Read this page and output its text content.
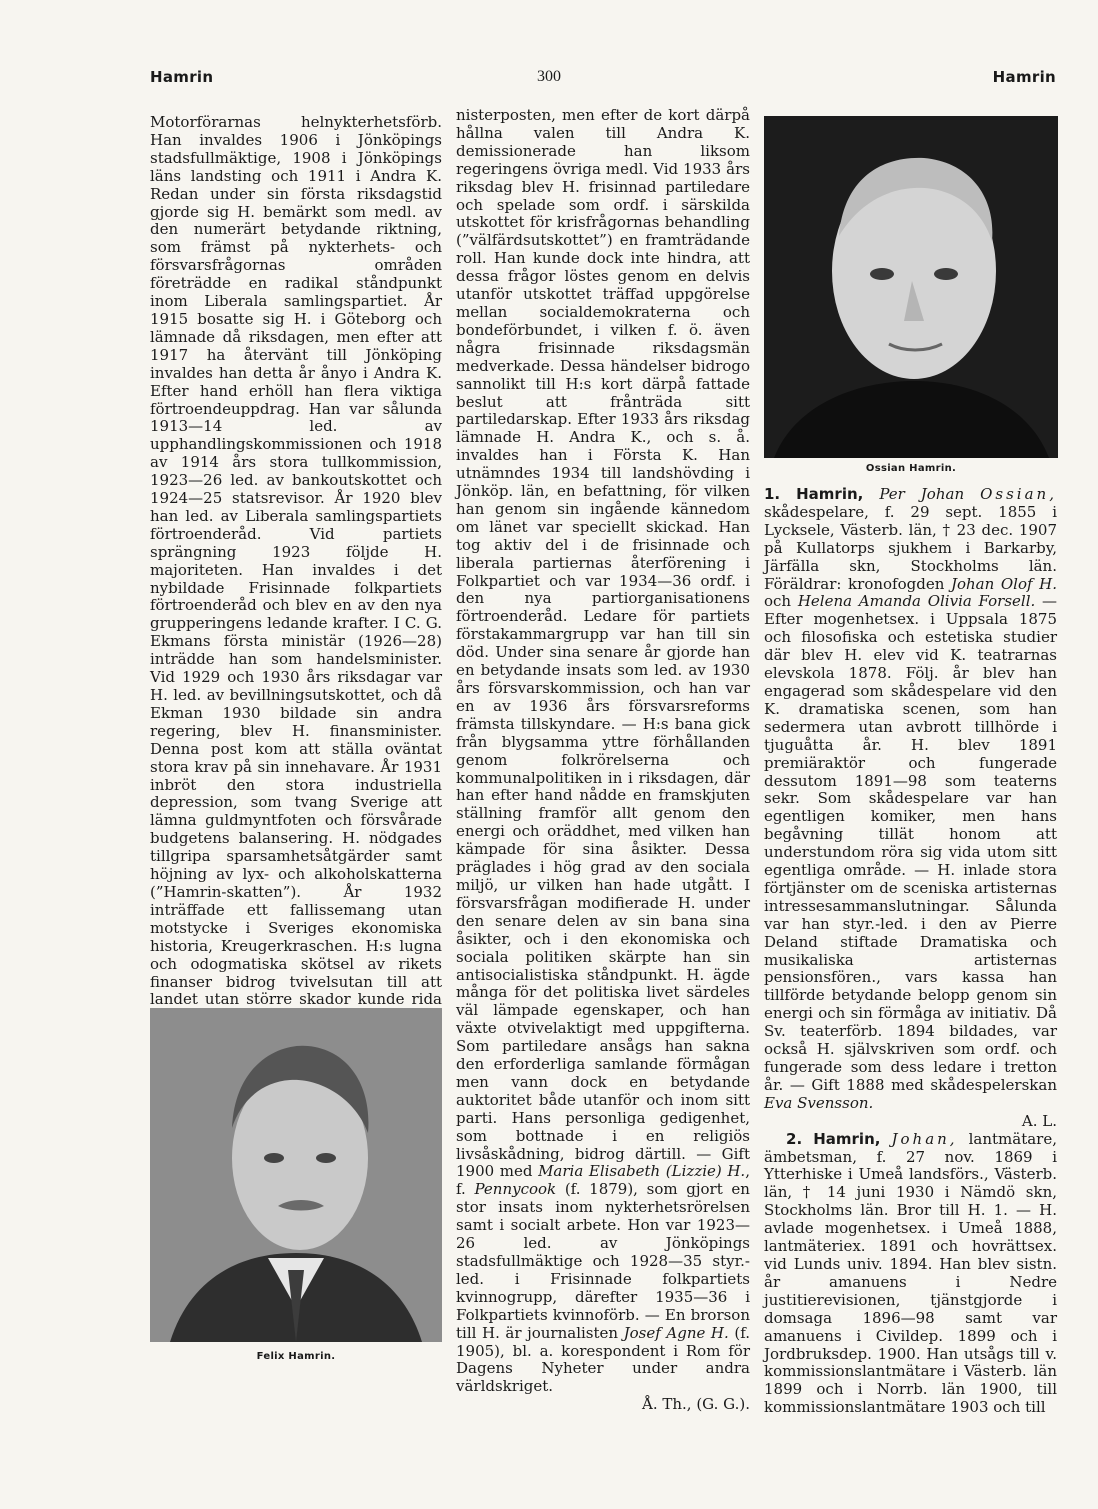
Hamrin	300	Hamrin

Motorförarnas helnykterhetsförb. Han invaldes 1906 i Jönköpings stadsfullmäktige, 1908 i Jönköpings läns landsting och 1911 i Andra K. Redan under sin första riksdagstid gjorde sig H. bemärkt som medl. av den numerärt betydande riktning, som främst på nykterhets- och försvarsfrågornas områden företrädde en radikal ståndpunkt inom Liberala samlingspartiet. År 1915 bosatte sig H. i Göteborg och lämnade då riksdagen, men efter att 1917 ha återvänt till Jönköping invaldes han detta år ånyo i Andra K. Efter hand erhöll han flera viktiga förtroendeuppdrag. Han var sålunda 1913—14 led. av upphandlingskommissionen och 1918 av 1914 års stora tullkommission, 1923—26 led. av bankoutskottet och 1924—25 statsrevisor. År 1920 blev han led. av Liberala samlingspartiets förtroenderåd. Vid partiets sprängning 1923 följde H. majoriteten. Han invaldes i det nybildade Frisinnade folkpartiets förtroenderåd och blev en av den nya grupperingens ledande krafter. I C. G. Ekmans första ministär (1926—28) inträdde han som handelsminister. Vid 1929 och 1930 års riksdagar var H. led. av bevillningsutskottet, och då Ekman 1930 bildade sin andra regering, blev H. finansminister. Denna post kom att ställa oväntat stora krav på sin innehavare. År 1931 inbröt den stora industriella depression, som tvang Sverige att lämna guldmyntfoten och försvårade budgetens balansering. H. nödgades tillgripa sparsamhetsåtgärder samt höjning av lyx- och alkoholskatterna (”Hamrin-skatten”). År 1932 inträffade ett fallissemang utan motstycke i Sveriges ekonomiska historia, Kreugerkraschen. H:s lugna och odogmatiska skötsel av rikets finanser bidrog tvivelsutan till att landet utan större skador kunde rida

Felix Hamrin.

nisterposten, men efter de kort därpå hållna valen till Andra K. demissionerade han liksom regeringens övriga medl. Vid 1933 års riksdag blev H. frisinnad partiledare och spelade som ordf. i särskilda utskottet för krisfrågornas behandling (”välfärdsutskottet”) en framträdande roll. Han kunde dock inte hindra, att dessa frågor löstes genom en delvis utanför utskottet träffad uppgörelse mellan socialdemokraterna och bondeförbundet, i vilken f. ö. även några frisinnade riksdagsmän medverkade. Dessa händelser bidrogo sannolikt till H:s kort därpå fattade beslut att frånträda sitt partiledarskap. Efter 1933 års riksdag lämnade H. Andra K., och s. å. invaldes han i Första K. Han utnämndes 1934 till landshövding i Jönköp. län, en befattning, för vilken han genom sin ingående kännedom om länet var speciellt skickad. Han tog aktiv del i de frisinnade och liberala partiernas återförening i Folkpartiet och var 1934—36 ordf. i den nya partiorganisationens förtroenderåd. Ledare för partiets förstakammargrupp var han till sin död. Under sina senare år gjorde han en betydande insats som led. av 1930 års försvarskommission, och han var en av 1936 års försvarsreforms främsta tillskyndare. — H:s bana gick från blygsamma yttre förhållanden genom folkrörelserna och kommunalpolitiken in i riksdagen, där han efter hand nådde en framskjuten ställning framför allt genom den energi och oräddhet, med vilken han kämpade för sina åsikter. Dessa präglades i hög grad av den sociala miljö, ur vilken han hade utgått. I försvarsfrågan modifierade H. under den senare delen av sin bana sina åsikter, och i den ekonomiska och sociala politiken skärpte han sin antisocialistiska ståndpunkt. H. ägde många för det politiska livet särdeles väl lämpade egenskaper, och han växte otvivelaktigt med uppgifterna. Som partiledare ansågs han sakna den erforderliga samlande förmågan men vann dock en betydande auktoritet både utanför och inom sitt parti. Hans personliga gedigenhet, som bottnade i en religiös livsåskådning, bidrog därtill. — Gift 1900 med Maria Elisabeth (Lizzie) H., f. Pennycook (f. 1879), som gjort en stor insats inom nykterhetsrörelsen samt i socialt arbete. Hon var 1923—26 led. av Jönköpings stadsfullmäktige och 1928—35 styr.-led. i Frisinnade folkpartiets kvinnogrupp, därefter 1935—36 i Folkpartiets kvinnoförb. — En brorson till H. är journalisten Josef Agne H. (f. 1905), bl. a. korespondent i Rom för Dagens Nyheter under andra världskriget.

Å. Th., (G. G.).

Ossian Hamrin.

1. Hamrin, Per Johan Ossian, skådespelare, f. 29 sept. 1855 i Lycksele, Västerb. län, † 23 dec. 1907 på Kullatorps sjukhem i Barkarby, Järfälla skn, Stockholms län. Föräldrar: kronofogden Johan Olof H. och Helena Amanda Olivia Forsell. — Efter mogenhetsex. i Uppsala 1875 och filosofiska och estetiska studier där blev H. elev vid K. teatrarnas elevskola 1878. Följ. år blev han engagerad som skådespelare vid den K. dramatiska scenen, som han sedermera utan avbrott tillhörde i tjuguåtta år. H. blev 1891 premiäraktör och fungerade dessutom 1891—98 som teaterns sekr. Som skådespelare var han egentligen komiker, men hans begåvning tillät honom att understundom röra sig vida utom sitt egentliga område. — H. inlade stora förtjänster om de sceniska artisternas intressesammanslutningar. Sålunda var han styr.-led. i den av Pierre Deland stiftade Dramatiska och musikaliska artisternas pensionsfören., vars kassa han tillförde betydande belopp genom sin energi och sin förmåga av initiativ. Då Sv. teaterförb. 1894 bildades, var också H. självskriven som ordf. och fungerade som dess ledare i tretton år. — Gift 1888 med skådespelerskan Eva Svensson.

A. L.

2. Hamrin, Johan, lantmätare, ämbetsman, f. 27 nov. 1869 i Ytterhiske i Umeå landsförs., Västerb. län, † 14 juni 1930 i Nämdö skn, Stockholms län. Bror till H. 1. — H. avlade mogenhetsex. i Umeå 1888, lantmäteriex. 1891 och hovrättsex. vid Lunds univ. 1894. Han blev sistn. år amanuens i Nedre justitierevisionen, tjänstgjorde i domsaga 1896—98 samt var amanuens i Civildep. 1899 och i Jordbruksdep. 1900. Han utsågs till v. kommissionslantmätare i Västerb. län 1899 och i Norrb. län 1900, till kommissionslantmätare 1903 och till
